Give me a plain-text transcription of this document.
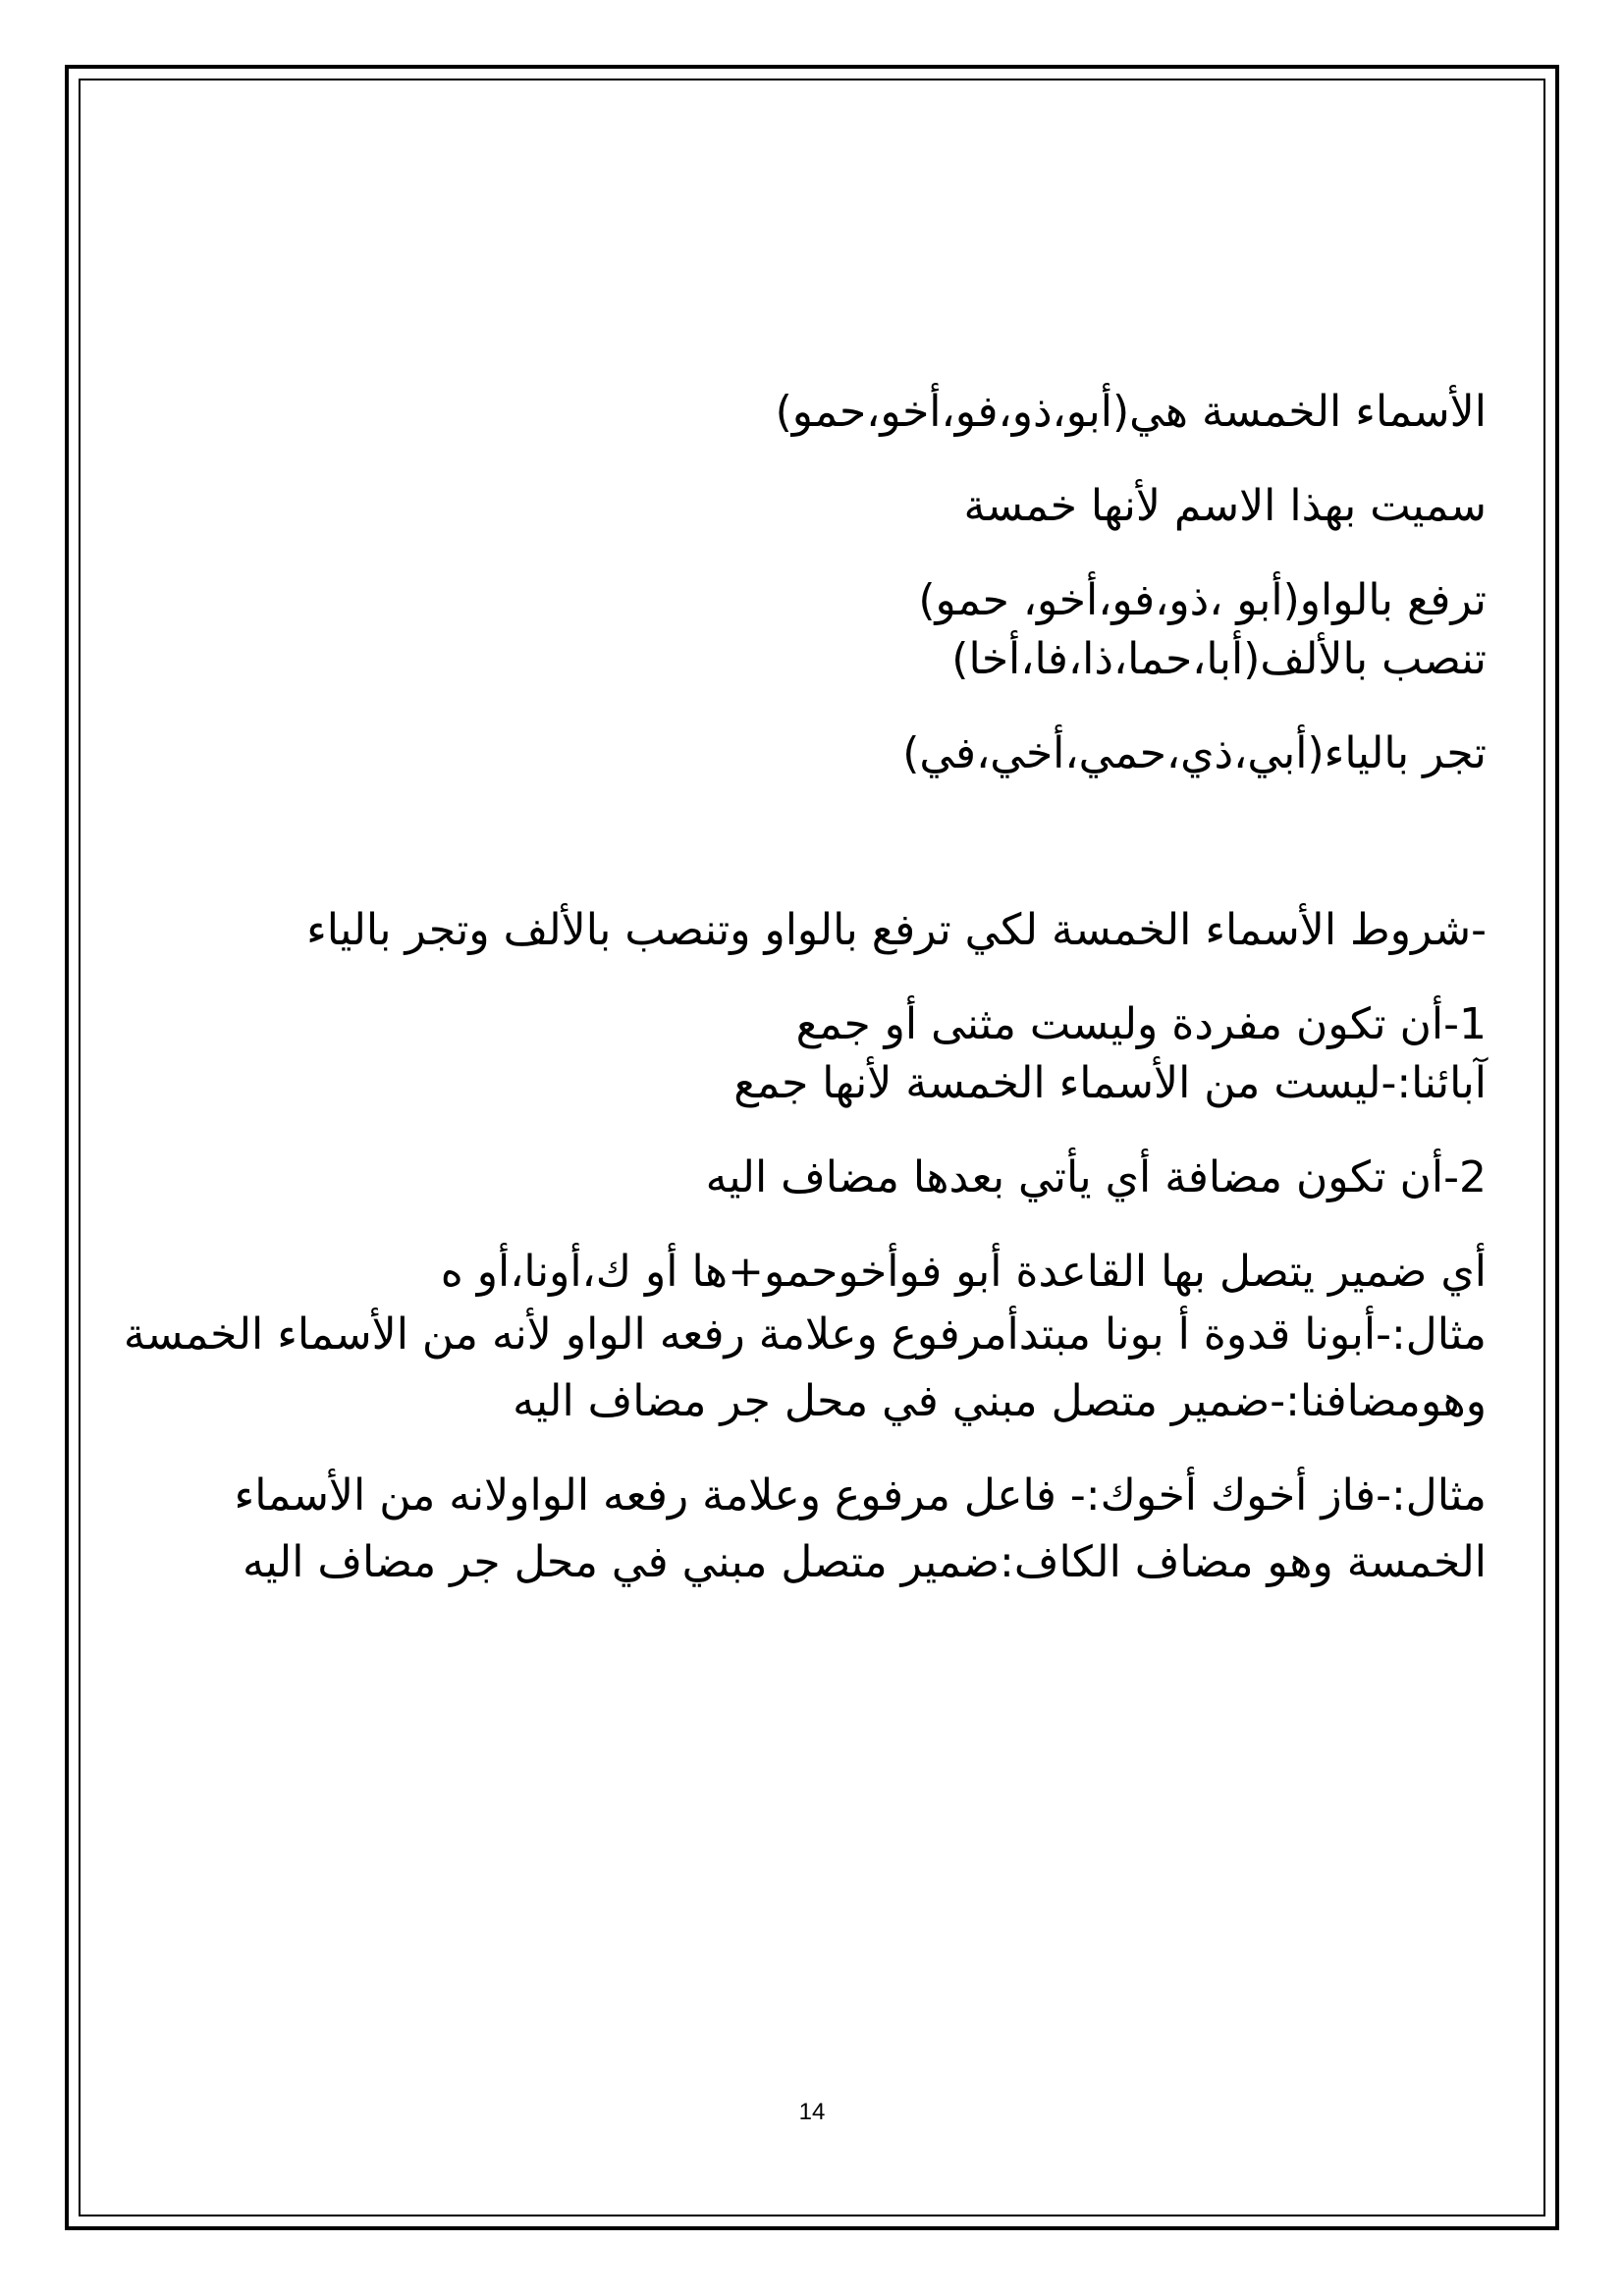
الأسماء الخمسة هي(أبو،ذو،فو،أخو،حمو)

سميت بهذا الاسم لأنها خمسة

ترفع بالواو(أبو ،ذو،فو،أخو، حمو)

تنصب بالألف(أبا،حما،ذا،فا،أخا)

تجر بالياء(أبي،ذي،حمي،أخي،في)

-شروط الأسماء الخمسة لكي ترفع بالواو وتنصب بالألف وتجر بالياء

1-أن تكون مفردة وليست مثنى أو جمع

آبائنا:-ليست من الأسماء الخمسة لأنها جمع

2-أن تكون مضافة أي يأتي بعدها مضاف اليه

أي ضمير يتصل بها القاعدة أبو فوأخوحمو+ها أو ك،أونا،أو ه

مثال:-أبونا قدوة أ بونا مبتدأمرفوع وعلامة رفعه الواو لأنه من الأسماء الخمسة وهومضافنا:-ضمير متصل مبني في محل جر مضاف اليه

مثال:-فاز أخوك أخوك:- فاعل مرفوع وعلامة رفعه الواولانه من الأسماء الخمسة وهو مضاف الكاف:ضمير متصل مبني في محل جر مضاف اليه

14
